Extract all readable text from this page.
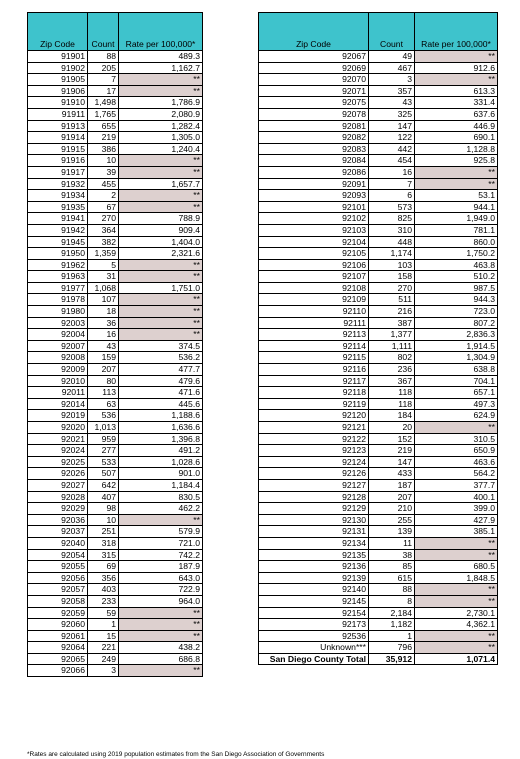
Zip Code	Count	Rate per 100,000*
91901	88	489.3
91902	205	1,162.7
91905	7	**
91906	17	**
91910	1,498	1,786.9
91911	1,765	2,080.9
91913	655	1,282.4
91914	219	1,305.0
91915	386	1,240.4
91916	10	**
91917	39	**
91932	455	1,657.7
91934	2	**
91935	67	**
91941	270	788.9
91942	364	909.4
91945	382	1,404.0
91950	1,359	2,321.6
91962	5	**
91963	31	**
91977	1,068	1,751.0
91978	107	**
91980	18	**
92003	36	**
92004	16	**
92007	43	374.5
92008	159	536.2
92009	207	477.7
92010	80	479.6
92011	113	471.6
92014	63	445.6
92019	536	1,188.6
92020	1,013	1,636.6
92021	959	1,396.8
92024	277	491.2
92025	533	1,028.6
92026	507	901.0
92027	642	1,184.4
92028	407	830.5
92029	98	462.2
92036	10	**
92037	251	579.9
92040	318	721.0
92054	315	742.2
92055	69	187.9
92056	356	643.0
92057	403	722.9
92058	233	964.0
92059	59	**
92060	1	**
92061	15	**
92064	221	438.2
92065	249	686.8
92066	3	**
Zip Code	Count	Rate per 100,000*
92067	49	**
92069	467	912.6
92070	3	**
92071	357	613.3
92075	43	331.4
92078	325	637.6
92081	147	446.9
92082	122	690.1
92083	442	1,128.8
92084	454	925.8
92086	16	**
92091	7	**
92093	6	53.1
92101	573	944.1
92102	825	1,949.0
92103	310	781.1
92104	448	860.0
92105	1,174	1,750.2
92106	103	463.8
92107	158	510.2
92108	270	987.5
92109	511	944.3
92110	216	723.0
92111	387	807.2
92113	1,377	2,836.3
92114	1,111	1,914.5
92115	802	1,304.9
92116	236	638.8
92117	367	704.1
92118	118	657.1
92119	118	497.3
92120	184	624.9
92121	20	**
92122	152	310.5
92123	219	650.9
92124	147	463.6
92126	433	564.2
92127	187	377.7
92128	207	400.1
92129	210	399.0
92130	255	427.9
92131	139	385.1
92134	11	**
92135	38	**
92136	85	680.5
92139	615	1,848.5
92140	88	**
92145	8	**
92154	2,184	2,730.1
92173	1,182	4,362.1
92536	1	**
Unknown***	796	**
San Diego County Total	35,912	1,071.4
*Rates are calculated using 2019 population estimates from the San Diego Association of Governments
